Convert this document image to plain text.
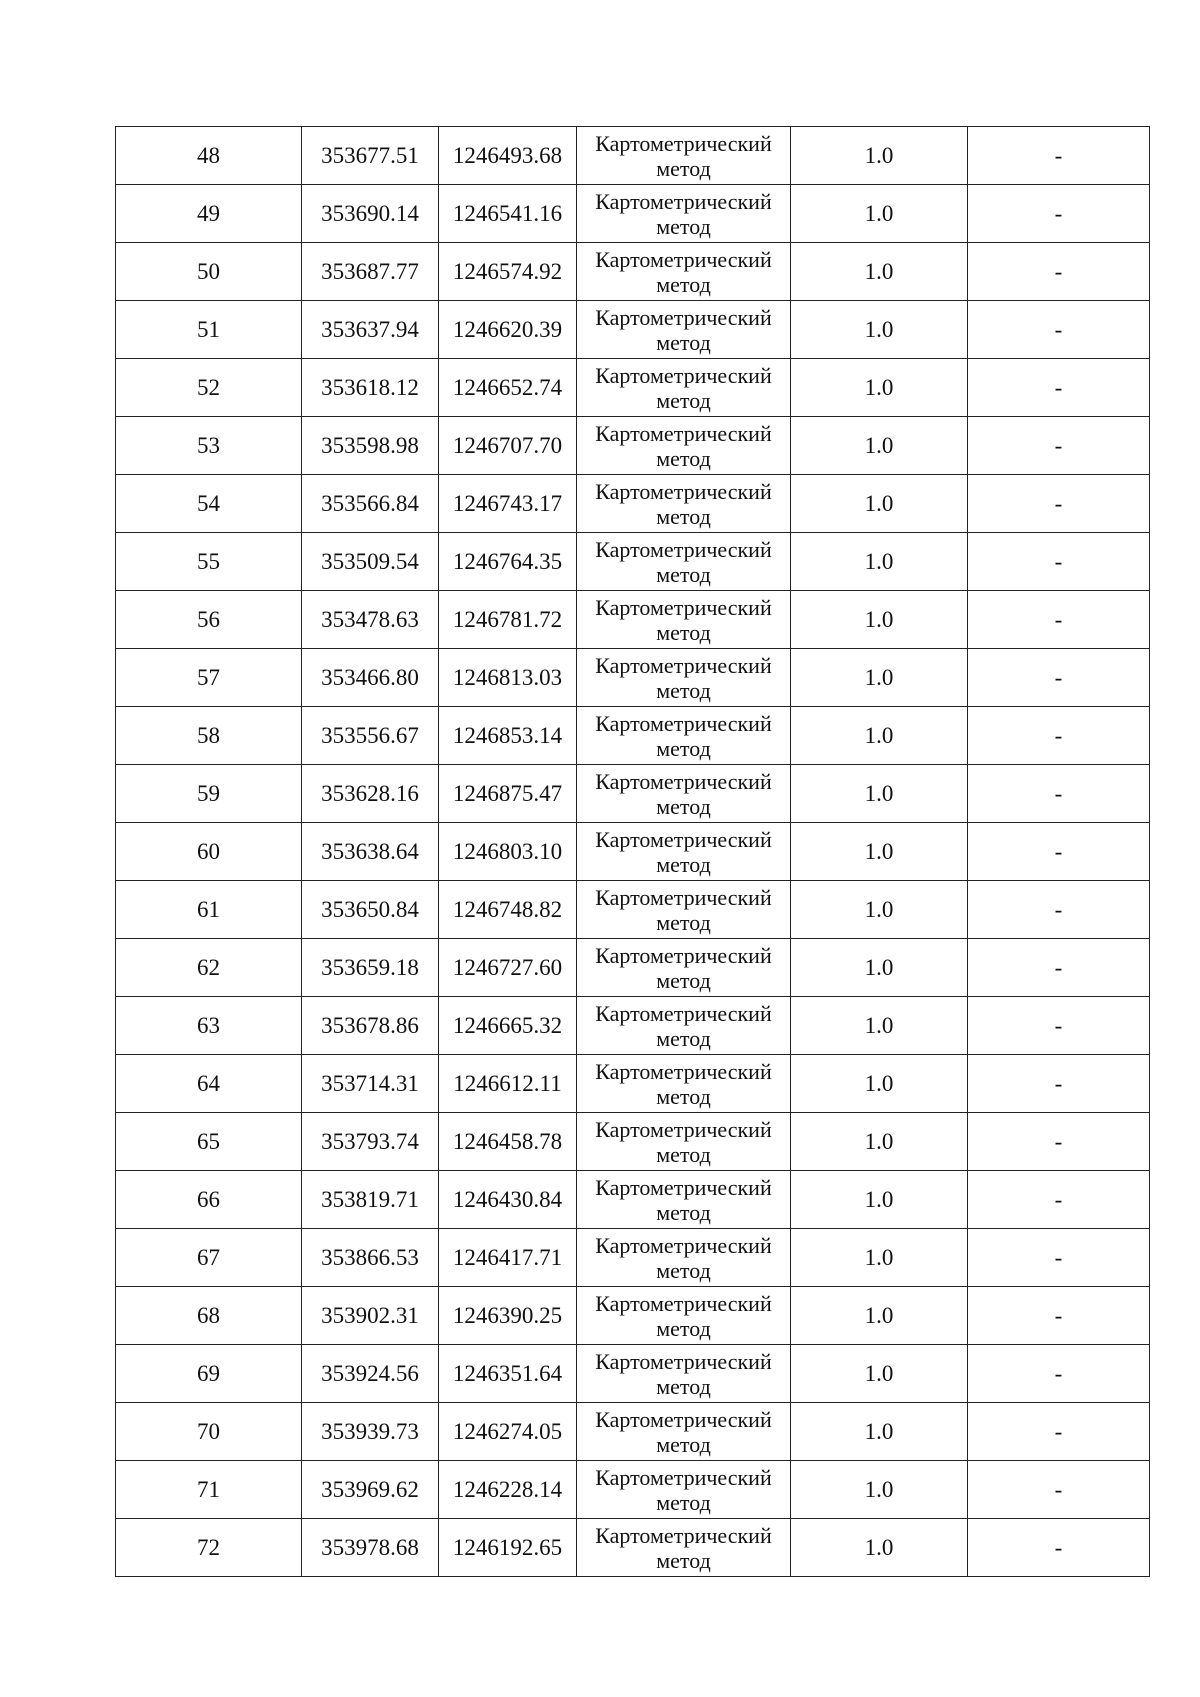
48	353677.51	1246493.68	Картометрический метод	1.0	-
49	353690.14	1246541.16	Картометрический метод	1.0	-
50	353687.77	1246574.92	Картометрический метод	1.0	-
51	353637.94	1246620.39	Картометрический метод	1.0	-
52	353618.12	1246652.74	Картометрический метод	1.0	-
53	353598.98	1246707.70	Картометрический метод	1.0	-
54	353566.84	1246743.17	Картометрический метод	1.0	-
55	353509.54	1246764.35	Картометрический метод	1.0	-
56	353478.63	1246781.72	Картометрический метод	1.0	-
57	353466.80	1246813.03	Картометрический метод	1.0	-
58	353556.67	1246853.14	Картометрический метод	1.0	-
59	353628.16	1246875.47	Картометрический метод	1.0	-
60	353638.64	1246803.10	Картометрический метод	1.0	-
61	353650.84	1246748.82	Картометрический метод	1.0	-
62	353659.18	1246727.60	Картометрический метод	1.0	-
63	353678.86	1246665.32	Картометрический метод	1.0	-
64	353714.31	1246612.11	Картометрический метод	1.0	-
65	353793.74	1246458.78	Картометрический метод	1.0	-
66	353819.71	1246430.84	Картометрический метод	1.0	-
67	353866.53	1246417.71	Картометрический метод	1.0	-
68	353902.31	1246390.25	Картометрический метод	1.0	-
69	353924.56	1246351.64	Картометрический метод	1.0	-
70	353939.73	1246274.05	Картометрический метод	1.0	-
71	353969.62	1246228.14	Картометрический метод	1.0	-
72	353978.68	1246192.65	Картометрический метод	1.0	-
